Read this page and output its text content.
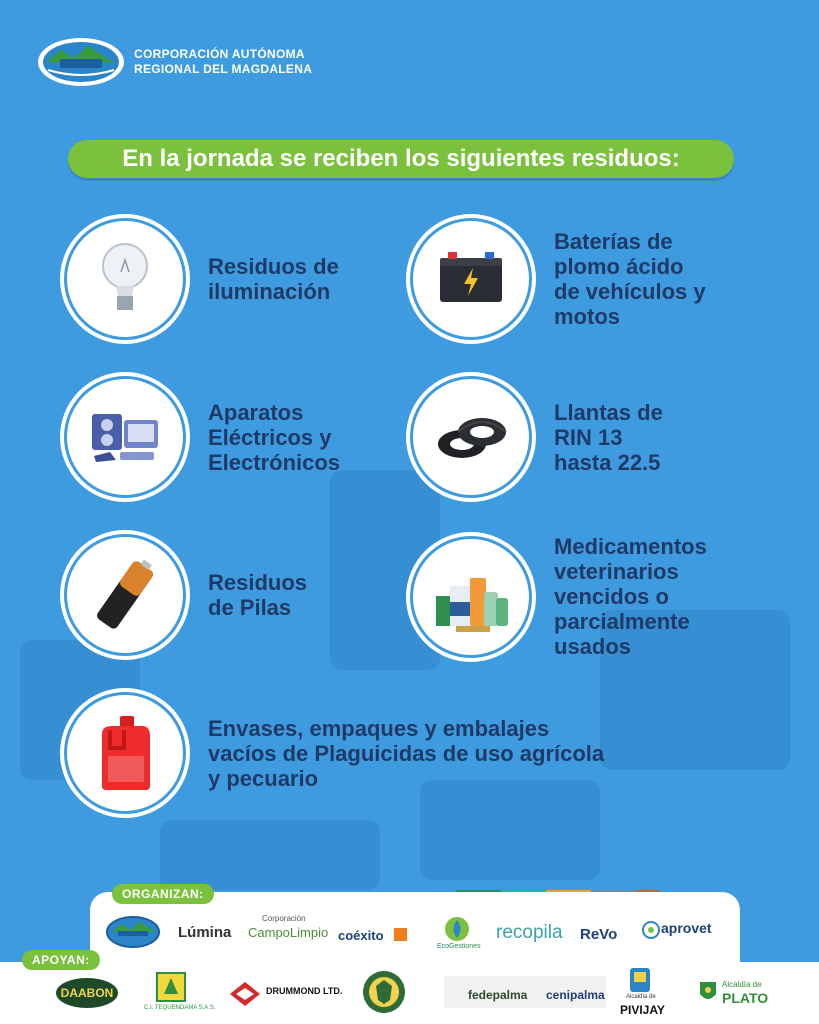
CORPORACIÓN AUTÓNOMA
REGIONAL DEL MAGDALENA
En la jornada se reciben los siguientes residuos:
Residuos de
iluminación
Baterías de
plomo ácido
de vehículos y
motos
Aparatos
Eléctricos y
Electrónicos
Llantas de
RIN 13
hasta 22.5
Residuos
de Pilas
Medicamentos
veterinarios
vencidos o
parcialmente
usados
Envases, empaques y embalajes
vacíos de Plaguicidas de uso agrícola
y pecuario
ORGANIZAN:
Lúmina
Corporación
CampoLimpio coéxito
EcoGestiones
recopila ReVo	aprovet
APOYAN:
DAABON
C.I. TEQUENDAMA S.A.S.
DRUMMOND LTD.	fedepalma cenipalma	Alcaldía de
PIVIJAY
Alcaldía de
PLATO
